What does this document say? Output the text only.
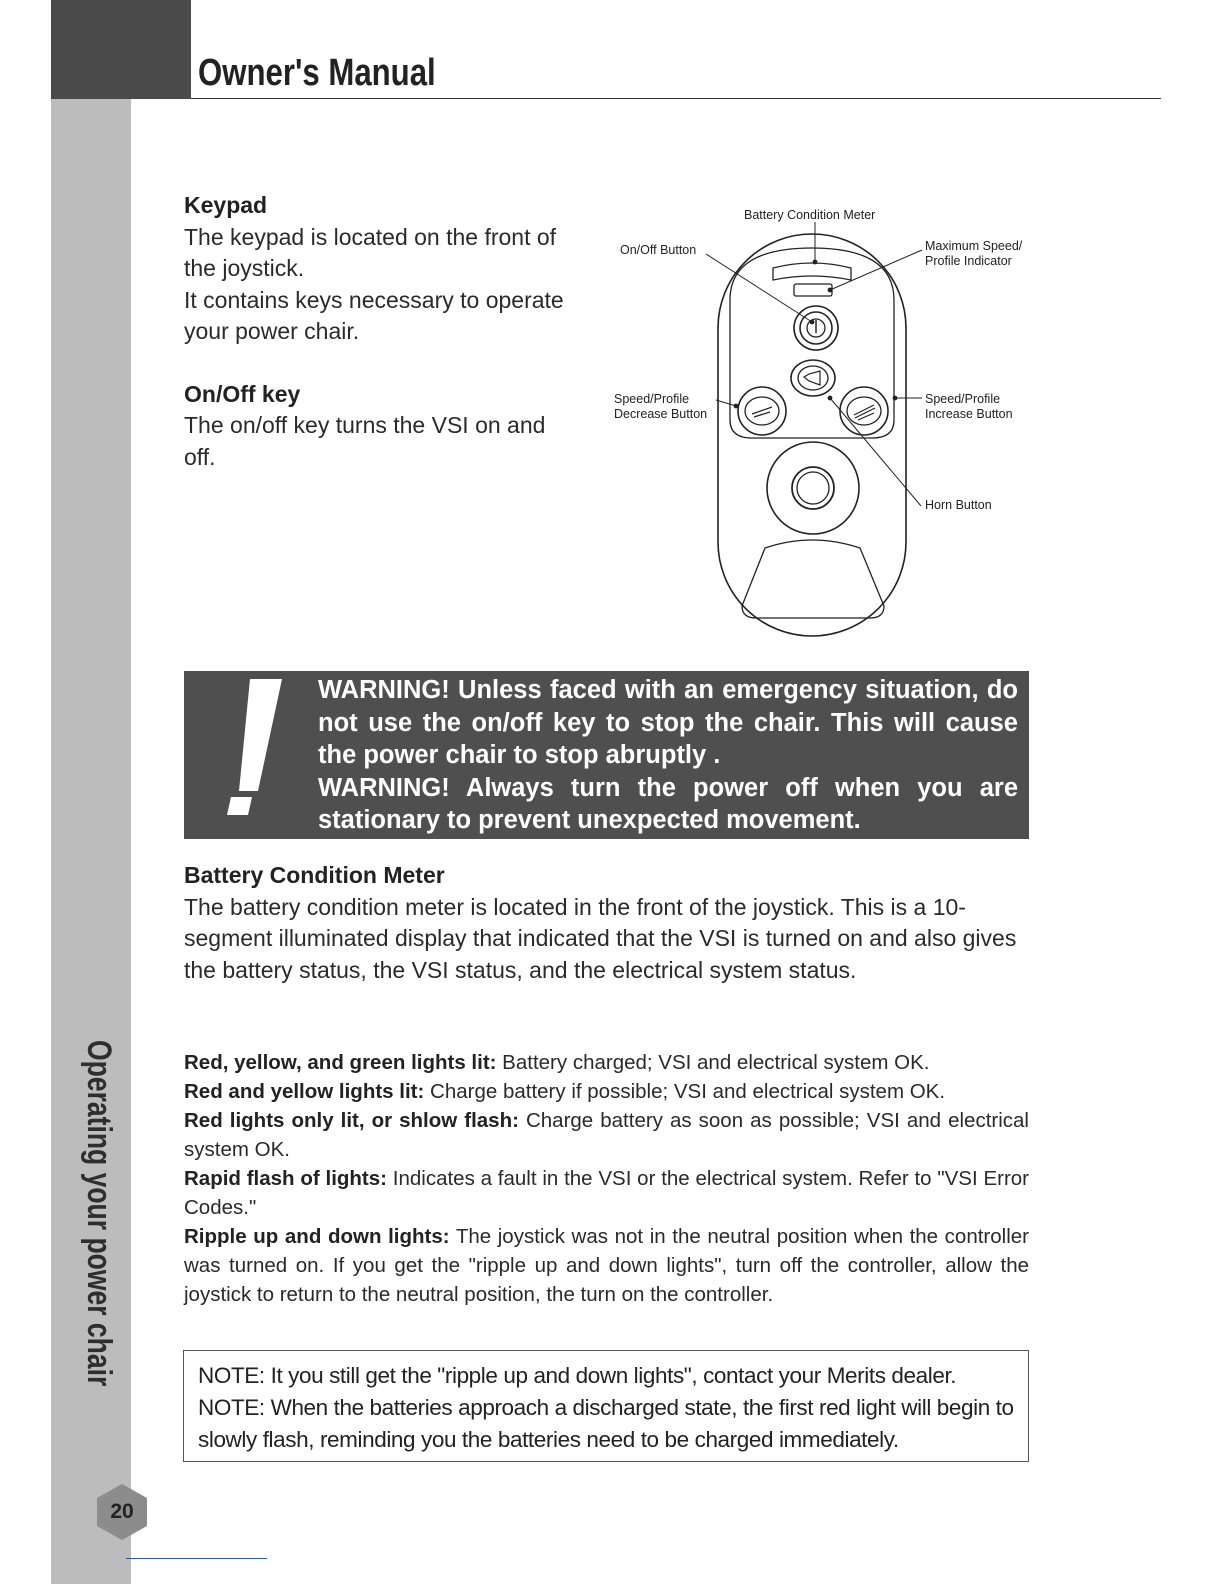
Owner's Manual
Operating your power chair
20
Keypad

The keypad is located on the front of

the joystick.

It contains keys necessary to operate

your power chair.

On/Off key

The on/off key turns the VSI on and

off.

Battery Condition Meter
On/Off Button	Maximum Speed/
Profile Indicator
Speed/Profile
Decrease Button
Speed/Profile
Increase Button
Horn Button

WARNING! Unless faced with an emergency situation, do not use the on/off key to stop the chair. This will cause the power chair to stop abruptly .

WARNING! Always turn the power off when you are stationary to prevent unexpected movement.

Battery Condition Meter

The battery condition meter is located in the front of the joystick. This is a 10-segment illuminated display that indicated that the VSI is turned on and also gives the battery status, the VSI status, and the electrical system status.

Red, yellow, and green lights lit: Battery charged; VSI and electrical system OK.

Red and yellow lights lit: Charge battery if possible; VSI and electrical system OK.

Red lights only lit, or shlow flash: Charge battery as soon as possible; VSI and electrical system OK.

Rapid flash of lights: Indicates a fault in the VSI or the electrical system. Refer to "VSI Error Codes."

Ripple up and down lights: The joystick was not in the neutral position when the controller was turned on. If you get the "ripple up and down lights", turn off the controller, allow the joystick to return to the neutral position, the turn on the controller.

NOTE: It you still get the "ripple up and down lights", contact your Merits dealer.

NOTE: When the batteries approach a discharged state, the first red light will begin to slowly flash, reminding you the batteries need to be charged immediately.
